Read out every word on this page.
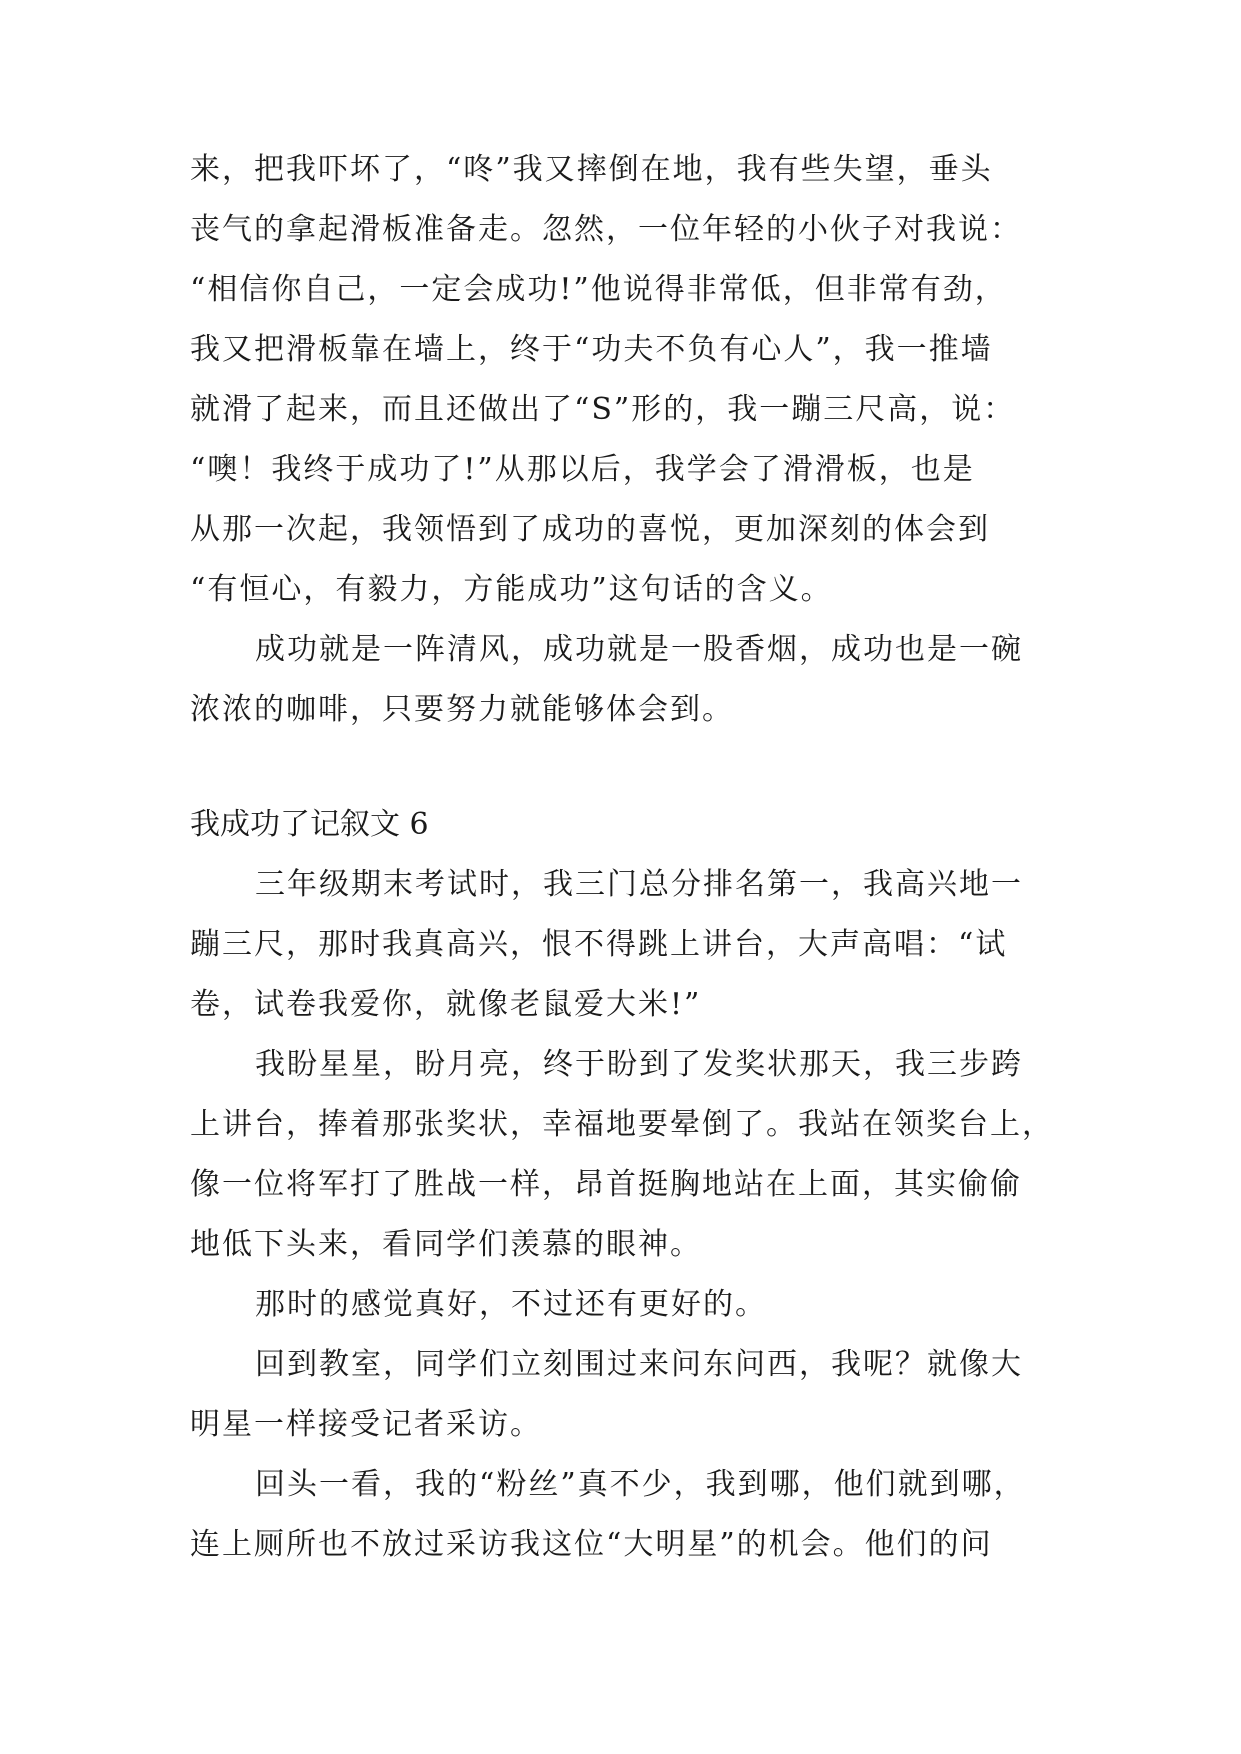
来，把我吓坏了，“咚”我又摔倒在地，我有些失望，垂头
丧气的拿起滑板准备走。忽然，一位年轻的小伙子对我说：
“相信你自己，一定会成功!”他说得非常低，但非常有劲，
我又把滑板靠在墙上，终于“功夫不负有心人”，我一推墙
就滑了起来，而且还做出了“S”形的，我一蹦三尺高，说：
“噢！我终于成功了!”从那以后，我学会了滑滑板，也是
从那一次起，我领悟到了成功的喜悦，更加深刻的体会到
“有恒心，有毅力，方能成功”这句话的含义。
成功就是一阵清风，成功就是一股香烟，成功也是一碗
浓浓的咖啡，只要努力就能够体会到。
我成功了记叙文 6
三年级期末考试时，我三门总分排名第一，我高兴地一
蹦三尺，那时我真高兴，恨不得跳上讲台，大声高唱：“试
卷，试卷我爱你，就像老鼠爱大米!”
我盼星星，盼月亮，终于盼到了发奖状那天，我三步跨
上讲台，捧着那张奖状，幸福地要晕倒了。我站在领奖台上，
像一位将军打了胜战一样，昂首挺胸地站在上面，其实偷偷
地低下头来，看同学们羡慕的眼神。
那时的感觉真好，不过还有更好的。
回到教室，同学们立刻围过来问东问西，我呢？就像大
明星一样接受记者采访。
回头一看，我的“粉丝”真不少，我到哪，他们就到哪，
连上厕所也不放过采访我这位“大明星”的机会。他们的问
